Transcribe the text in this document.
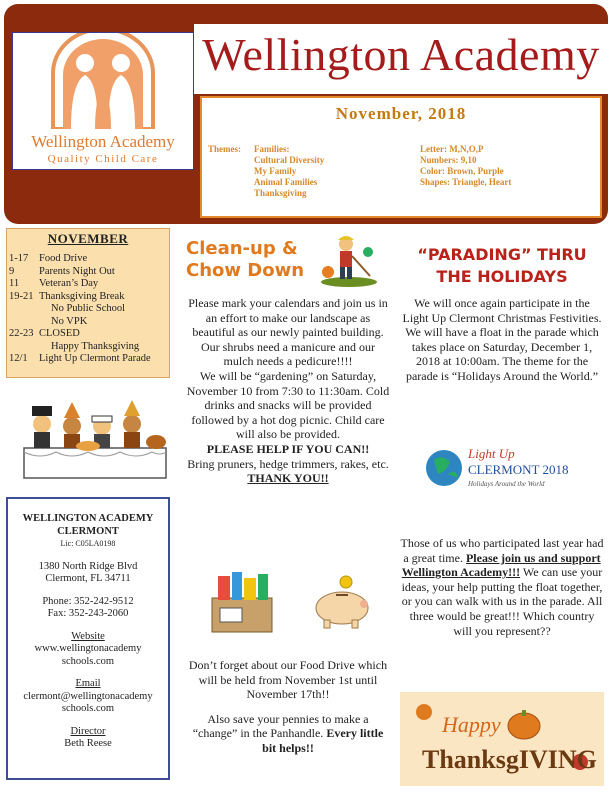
Wellington Academy
Quality Child Care
Wellington Academy
November, 2018
Themes: Families:
Cultural Diversity
My Family
Animal Families
Thanksgiving
Letter: M,N,O,P
Numbers: 9,10
Color: Brown, Purple
Shapes: Triangle, Heart
NOVEMBER
1-17	Food Drive
9	Parents Night Out
11	Veteran’s Day
19-21 Thanksgiving Break
No Public School
No VPK
22-23 CLOSED
Happy Thanksgiving
12/1	Light Up Clermont Parade
WELLINGTON ACADEMY
CLERMONT
Lic: C05LA0198
1380 North Ridge Blvd
Clermont, FL 34711
Phone: 352-242-9512
Fax: 352-243-2060
Website
www.wellingtonacademy
schools.com
Email
clermont@wellingtonacademy
schools.com
Director
Beth Reese
Clean-up &
Chow Down
Please mark your calendars and join us in an effort to make our landscape as beautiful as our newly painted building. Our shrubs need a manicure and our mulch needs a pedicure!!!!
We will be “gardening” on Saturday, November 10 from 7:30 to 11:30am. Cold drinks and snacks will be provided followed by a hot dog picnic. Child care will also be provided.
PLEASE HELP IF YOU CAN!!
Bring pruners, hedge trimmers, rakes, etc. THANK YOU!!
Don’t forget about our Food Drive which will be held from November 1st until November 17th!!
Also save your pennies to make a “change” in the Panhandle. Every little bit helps!!
“PARADING” THRU
THE HOLIDAYS
We will once again participate in the Light Up Clermont Christmas Festivities. We will have a float in the parade which takes place on Saturday, December 1, 2018 at 10:00am. The theme for the parade is “Holidays Around the World.”
Light Up
CLERMONT 2018
Holidays Around the World
Those of us who participated last year had a great time. Please join us and support Wellington Academy!!! We can use your ideas, your help putting the float together, or you can walk with us in the parade. All three would be great!!! Which country will you represent??
Happy
ThanksgIVING
